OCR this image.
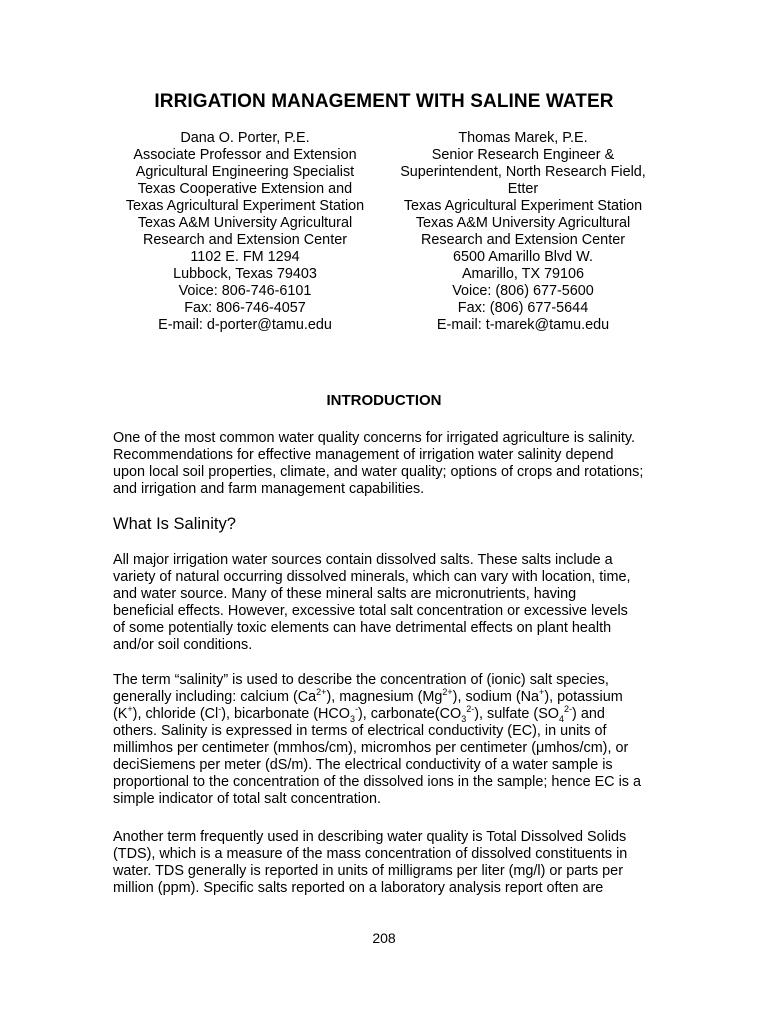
IRRIGATION MANAGEMENT WITH SALINE WATER
Dana O. Porter, P.E.
Associate Professor and Extension
Agricultural Engineering Specialist
Texas Cooperative Extension and
Texas Agricultural Experiment Station
Texas A&M University Agricultural
Research and Extension Center
1102 E. FM 1294
Lubbock, Texas 79403
Voice: 806-746-6101
Fax: 806-746-4057
E-mail: d-porter@tamu.edu
Thomas Marek, P.E.
Senior Research Engineer &
Superintendent, North Research Field,
Etter
Texas Agricultural Experiment Station
Texas A&M University Agricultural
Research and Extension Center
6500 Amarillo Blvd W.
Amarillo, TX 79106
Voice: (806) 677-5600
Fax: (806) 677-5644
E-mail: t-marek@tamu.edu
INTRODUCTION
One of the most common water quality concerns for irrigated agriculture is salinity.
Recommendations for effective management of irrigation water salinity depend
upon local soil properties, climate, and water quality; options of crops and rotations;
and irrigation and farm management capabilities.
What Is Salinity?
All major irrigation water sources contain dissolved salts. These salts include a
variety of natural occurring dissolved minerals, which can vary with location, time,
and water source. Many of these mineral salts are micronutrients, having
beneficial effects. However, excessive total salt concentration or excessive levels
of some potentially toxic elements can have detrimental effects on plant health
and/or soil conditions.
The term “salinity” is used to describe the concentration of (ionic) salt species,
generally including: calcium $(Ca^{2+})$, magnesium $(Mg^{2+})$, sodium (Na+), potassium
(K+), chloride (Cl-), bicarbonate $(HCO_3^-)$, $carbonate(CO_3^{2-})$, sulfate $(SO_4^{2-})$ and
others. Salinity is expressed in terms of electrical conductivity (EC), in units of
millimhos per centimeter (mmhos/cm), micromhos per centimeter (μmhos/cm), or
deciSiemens per meter (dS/m). The electrical conductivity of a water sample is
proportional to the concentration of the dissolved ions in the sample; hence EC is a
simple indicator of total salt concentration.
Another term frequently used in describing water quality is Total Dissolved Solids
(TDS), which is a measure of the mass concentration of dissolved constituents in
water. TDS generally is reported in units of milligrams per liter (mg/l) or parts per
million (ppm). Specific salts reported on a laboratory analysis report often are
208
